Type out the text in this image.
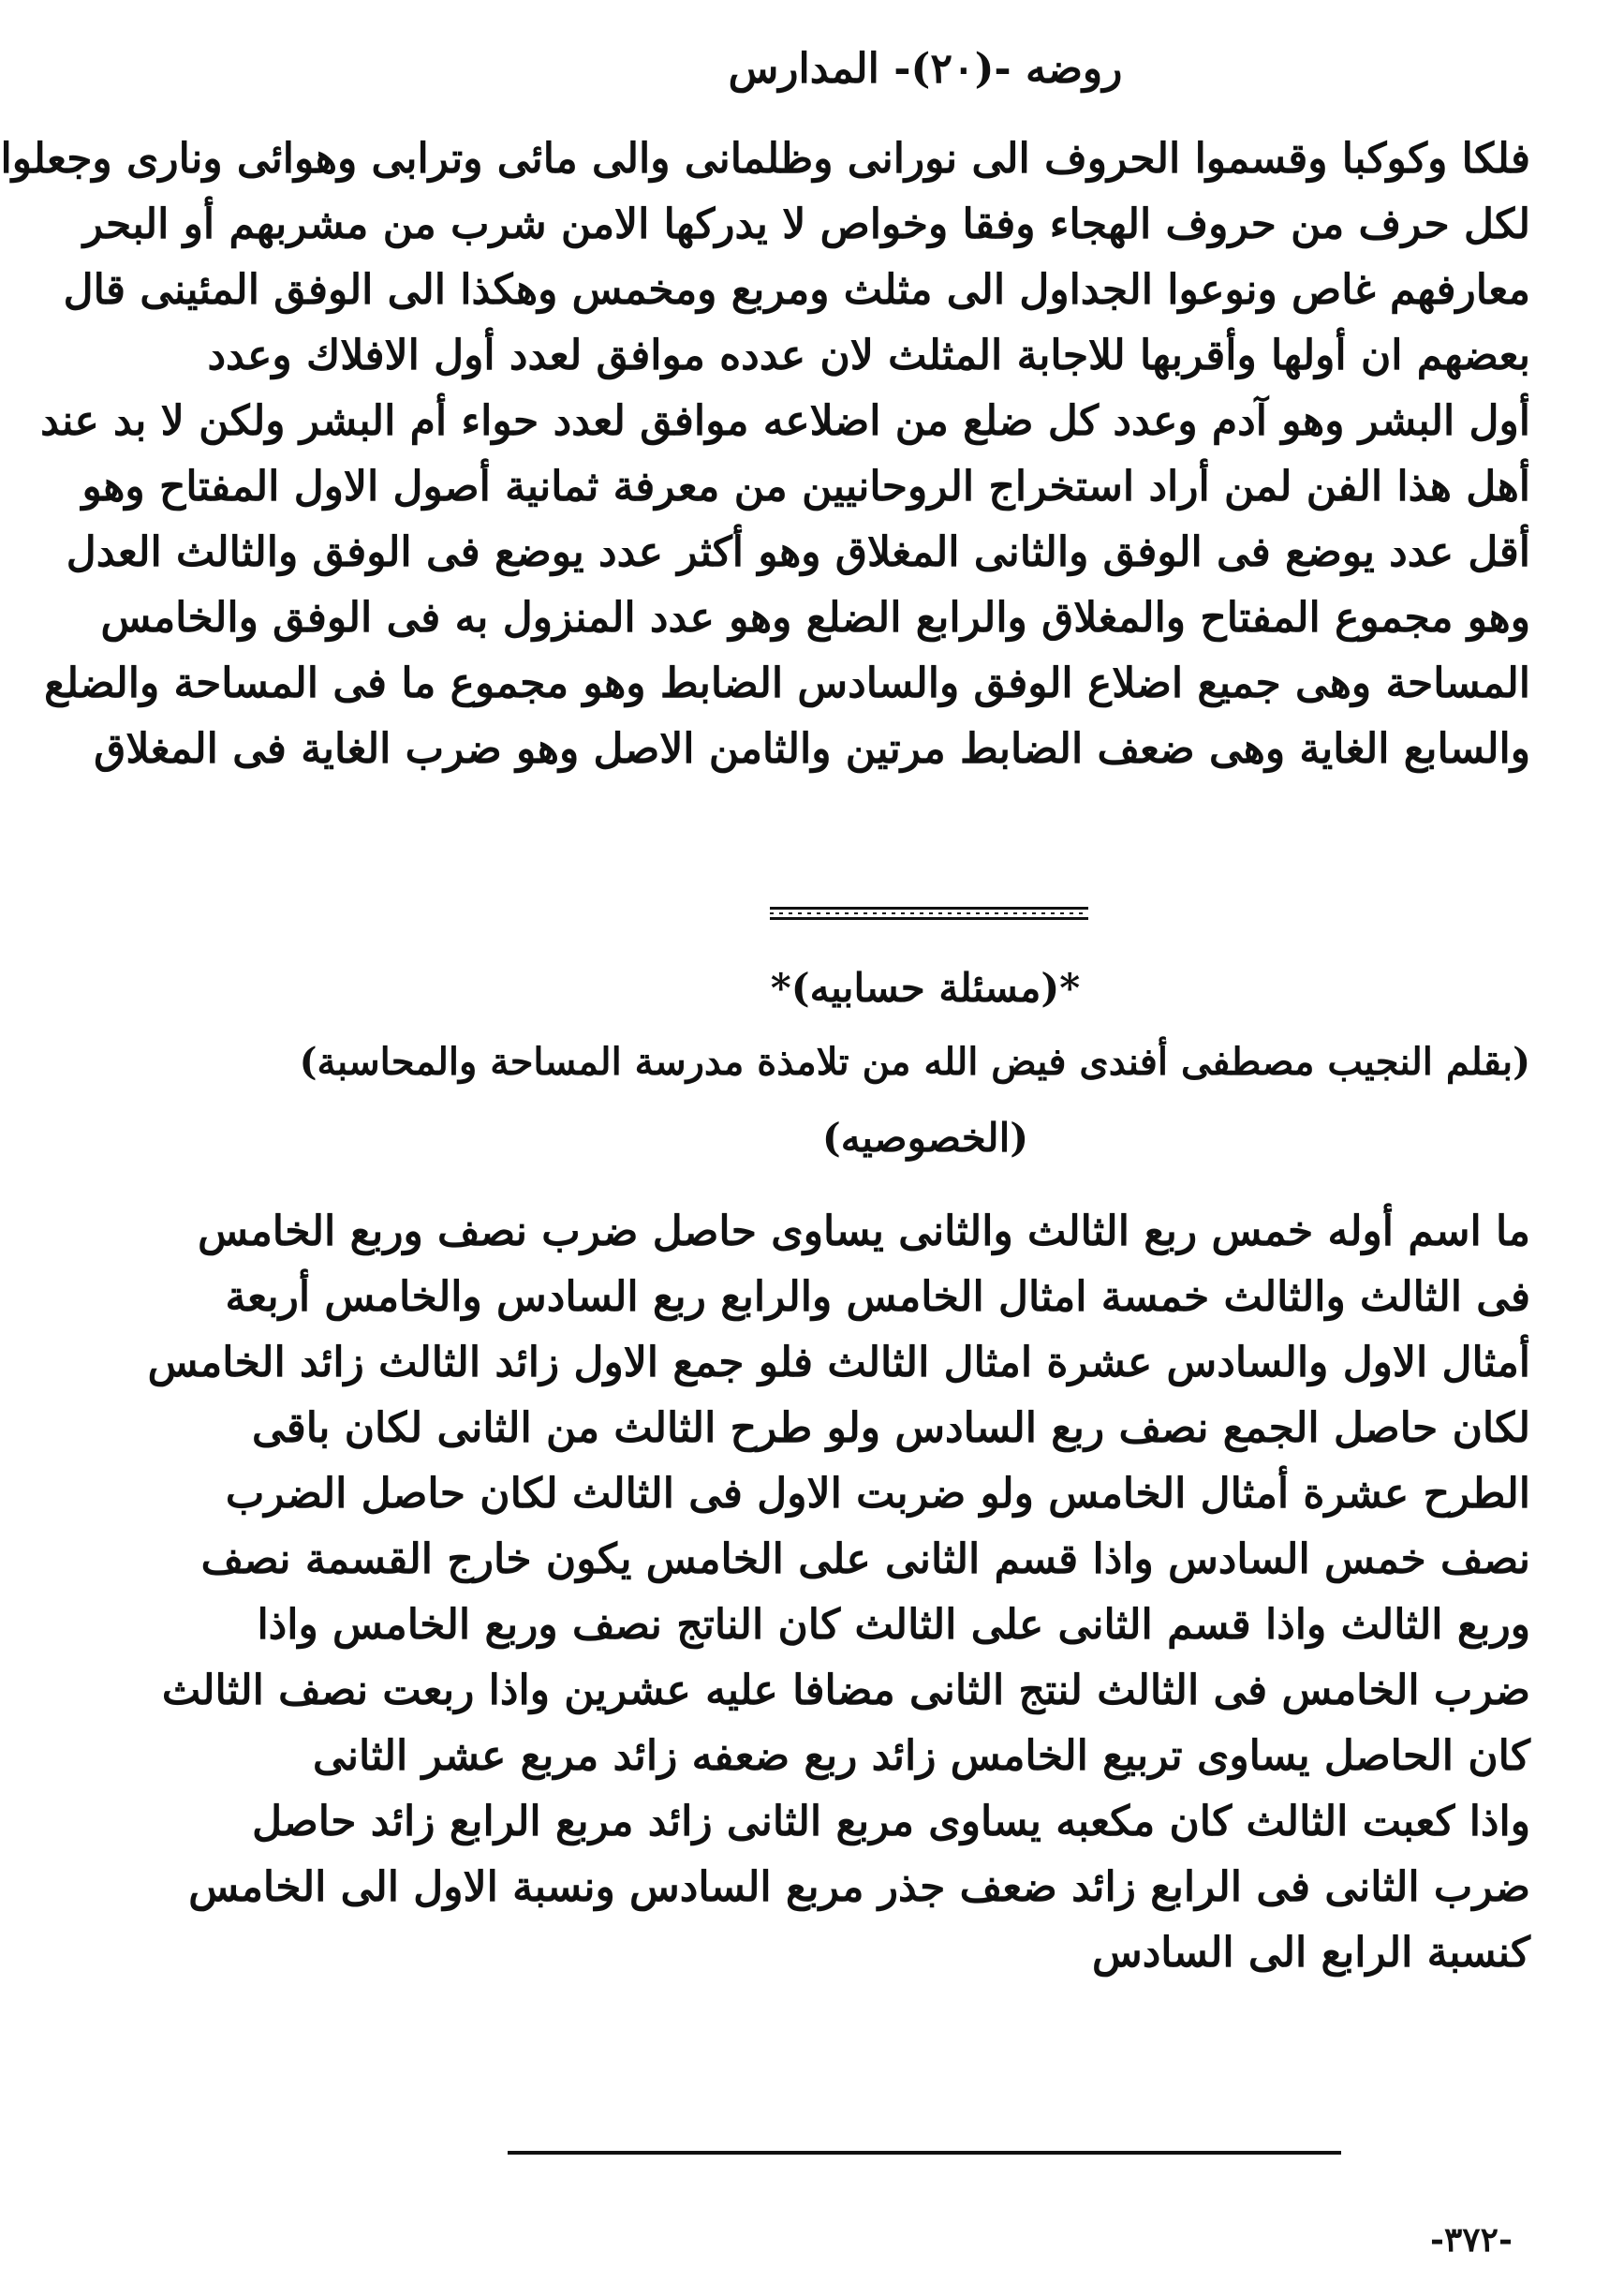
روضه -(٢٠)- المدارس
فلكا وكوكبا وقسموا الحروف الى نورانى وظلمانى والى مائى وترابى وهوائى ونارى وجعلوا
لكل حرف من حروف الهجاء وفقا وخواص لا يدركها الامن شرب من مشربهم أو البحر
معارفهم غاص ونوعوا الجداول الى مثلث ومربع ومخمس وهكذا الى الوفق المئينى قال
بعضهم ان أولها وأقربها للاجابة المثلث لان عدده موافق لعدد أول الافلاك وعدد
أول البشر وهو آدم وعدد كل ضلع من اضلاعه موافق لعدد حواء أم البشر ولكن لا بد عند
أهل هذا الفن لمن أراد استخراج الروحانيين من معرفة ثمانية أصول الاول المفتاح وهو
أقل عدد يوضع فى الوفق والثانى المغلاق وهو أكثر عدد يوضع فى الوفق والثالث العدل
وهو مجموع المفتاح والمغلاق والرابع الضلع وهو عدد المنزول به فى الوفق والخامس
المساحة وهى جميع اضلاع الوفق والسادس الضابط وهو مجموع ما فى المساحة والضلع
والسابع الغاية وهى ضعف الضابط مرتين والثامن الاصل وهو ضرب الغاية فى المغلاق
*(مسئلة حسابيه)*
(بقلم النجيب مصطفى أفندى فيض الله من تلامذة مدرسة المساحة والمحاسبة)
(الخصوصيه)
ما اسم أوله خمس ربع الثالث والثانى يساوى حاصل ضرب نصف وربع الخامس
فى الثالث والثالث خمسة امثال الخامس والرابع ربع السادس والخامس أربعة
أمثال الاول والسادس عشرة امثال الثالث فلو جمع الاول زائد الثالث زائد الخامس
لكان حاصل الجمع نصف ربع السادس ولو طرح الثالث من الثانى لكان باقى
الطرح عشرة أمثال الخامس ولو ضربت الاول فى الثالث لكان حاصل الضرب
نصف خمس السادس واذا قسم الثانى على الخامس يكون خارج القسمة نصف
وربع الثالث واذا قسم الثانى على الثالث كان الناتج نصف وربع الخامس واذا
ضرب الخامس فى الثالث لنتج الثانى مضافا عليه عشرين واذا ربعت نصف الثالث
كان الحاصل يساوى تربيع الخامس زائد ربع ضعفه زائد مربع عشر الثانى
واذا كعبت الثالث كان مكعبه يساوى مربع الثانى زائد مربع الرابع زائد حاصل
ضرب الثانى فى الرابع زائد ضعف جذر مربع السادس ونسبة الاول الى الخامس
كنسبة الرابع الى السادس
-٣٧٢-
